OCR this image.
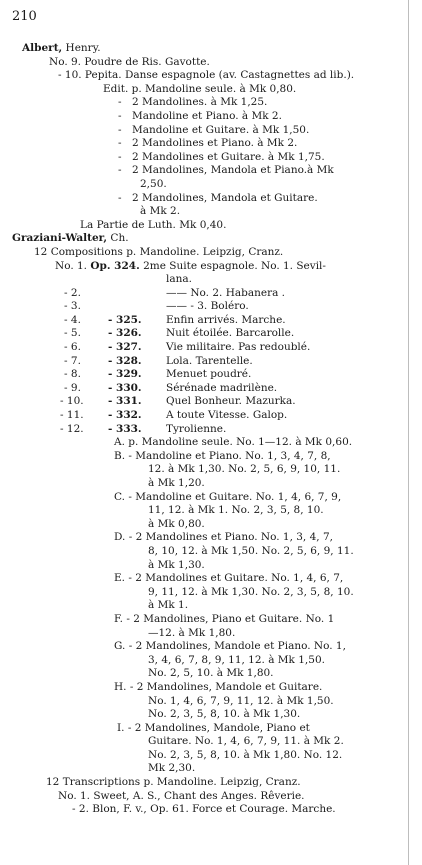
210
Albert, Henry.
No. 9. Poudre de Ris. Gavotte.
- 10. Pepita. Danse espagnole (av. Castagnettes ad lib.).
Edit. p. Mandoline seule. à Mk 0,80.
- 2 Mandolines. à Mk 1,25.
- Mandoline et Piano. à Mk 2.
- Mandoline et Guitare. à Mk 1,50.
- 2 Mandolines et Piano. à Mk 2.
- 2 Mandolines et Guitare. à Mk 1,75.
- 2 Mandolines, Mandola et Piano.à Mk
2,50.
- 2 Mandolines, Mandola et Guitare.
à Mk 2.
La Partie de Luth. Mk 0,40.
Graziani-Walter, Ch.
12 Compositions p. Mandoline. Leipzig, Cranz.
No. 1. Op. 324. 2me Suite espagnole. No. 1. Sevil-
lana.
- 2.	—— No. 2. Habanera .
- 3.	—— - 3. Boléro.
- 4.	- 325. Enfin arrivés. Marche.
- 5.	- 326. Nuit étoilée. Barcarolle.
- 6.	- 327. Vie militaire. Pas redoublé.
- 7.	- 328. Lola. Tarentelle.
- 8.	- 329. Menuet poudré.
- 9.	- 330. Sérénade madrilène.
- 10. - 331. Quel Bonheur. Mazurka.
- 11. - 332. A toute Vitesse. Galop.
- 12. - 333. Tyrolienne.
A. p. Mandoline seule. No. 1—12. à Mk 0,60.
B. - Mandoline et Piano. No. 1, 3, 4, 7, 8,
12. à Mk 1,30. No. 2, 5, 6, 9, 10, 11.
à Mk 1,20.
C. - Mandoline et Guitare. No. 1, 4, 6, 7, 9,
11, 12. à Mk 1. No. 2, 3, 5, 8, 10.
à Mk 0,80.
D. - 2 Mandolines et Piano. No. 1, 3, 4, 7,
8, 10, 12. à Mk 1,50. No. 2, 5, 6, 9, 11.
à Mk 1,30.
E. - 2 Mandolines et Guitare. No. 1, 4, 6, 7,
9, 11, 12. à Mk 1,30. No. 2, 3, 5, 8, 10.
à Mk 1.
F. - 2 Mandolines, Piano et Guitare. No. 1
—12. à Mk 1,80.
G. - 2 Mandolines, Mandole et Piano. No. 1,
3, 4, 6, 7, 8, 9, 11, 12. à Mk 1,50.
No. 2, 5, 10. à Mk 1,80.
H. - 2 Mandolines, Mandole et Guitare.
No. 1, 4, 6, 7, 9, 11, 12. à Mk 1,50.
No. 2, 3, 5, 8, 10. à Mk 1,30.
I. - 2 Mandolines, Mandole, Piano et
Guitare. No. 1, 4, 6, 7, 9, 11. à Mk 2.
No. 2, 3, 5, 8, 10. à Mk 1,80. No. 12.
Mk 2,30.
12 Transcriptions p. Mandoline. Leipzig, Cranz.
No. 1. Sweet, A. S., Chant des Anges. Rêverie.
- 2. Blon, F. v., Op. 61. Force et Courage. Marche.
